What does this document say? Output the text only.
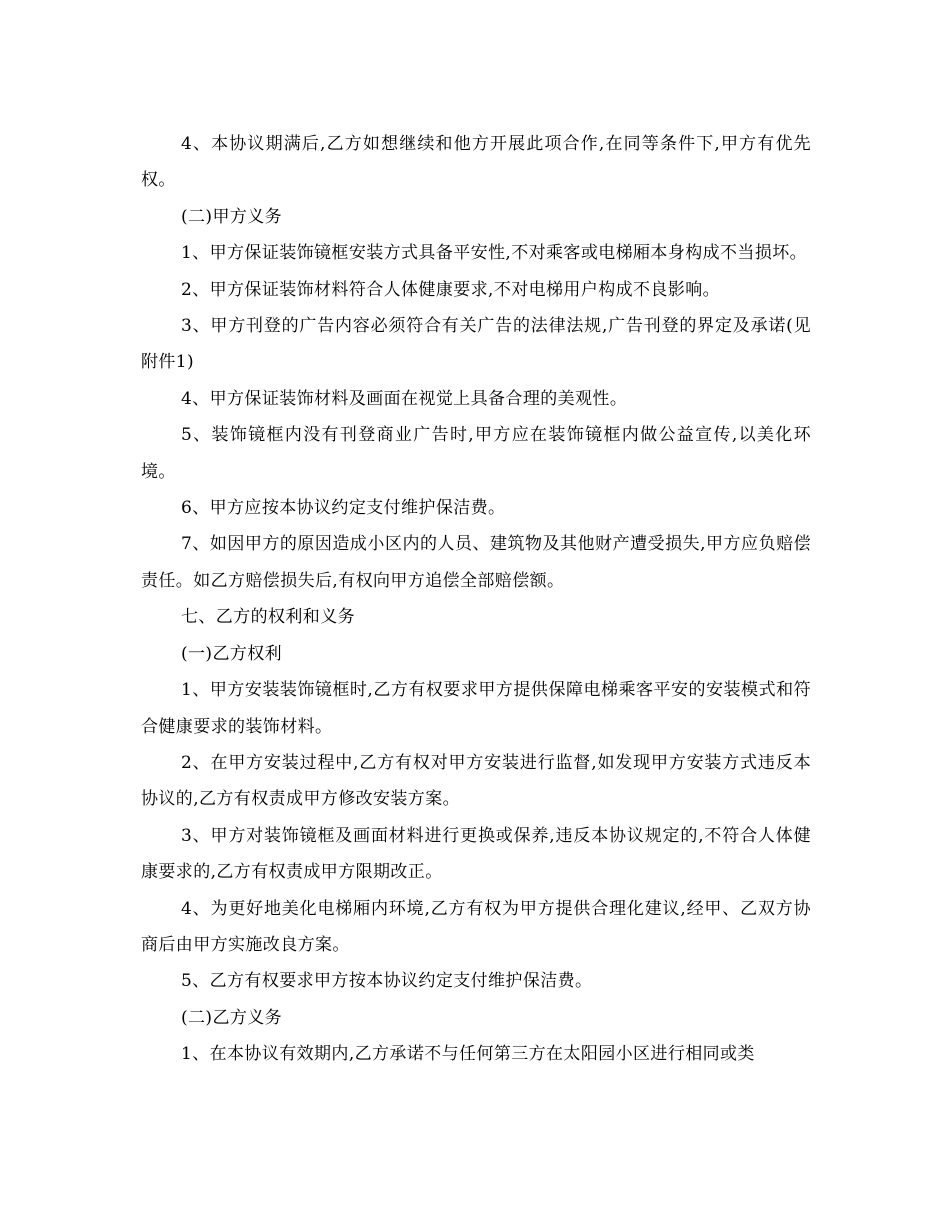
4、本协议期满后,乙方如想继续和他方开展此项合作,在同等条件下,甲方有优先权。

(二)甲方义务

1、甲方保证装饰镜框安装方式具备平安性,不对乘客或电梯厢本身构成不当损坏。

2、甲方保证装饰材料符合人体健康要求,不对电梯用户构成不良影响。

3、甲方刊登的广告内容必须符合有关广告的法律法规,广告刊登的界定及承诺(见附件1)

4、甲方保证装饰材料及画面在视觉上具备合理的美观性。

5、装饰镜框内没有刊登商业广告时,甲方应在装饰镜框内做公益宣传,以美化环境。

6、甲方应按本协议约定支付维护保洁费。

7、如因甲方的原因造成小区内的人员、建筑物及其他财产遭受损失,甲方应负赔偿责任。如乙方赔偿损失后,有权向甲方追偿全部赔偿额。

七、乙方的权利和义务

(一)乙方权利

1、甲方安装装饰镜框时,乙方有权要求甲方提供保障电梯乘客平安的安装模式和符合健康要求的装饰材料。

2、在甲方安装过程中,乙方有权对甲方安装进行监督,如发现甲方安装方式违反本协议的,乙方有权责成甲方修改安装方案。

3、甲方对装饰镜框及画面材料进行更换或保养,违反本协议规定的,不符合人体健康要求的,乙方有权责成甲方限期改正。

4、为更好地美化电梯厢内环境,乙方有权为甲方提供合理化建议,经甲、乙双方协商后由甲方实施改良方案。

5、乙方有权要求甲方按本协议约定支付维护保洁费。

(二)乙方义务

1、在本协议有效期内,乙方承诺不与任何第三方在太阳园小区进行相同或类
